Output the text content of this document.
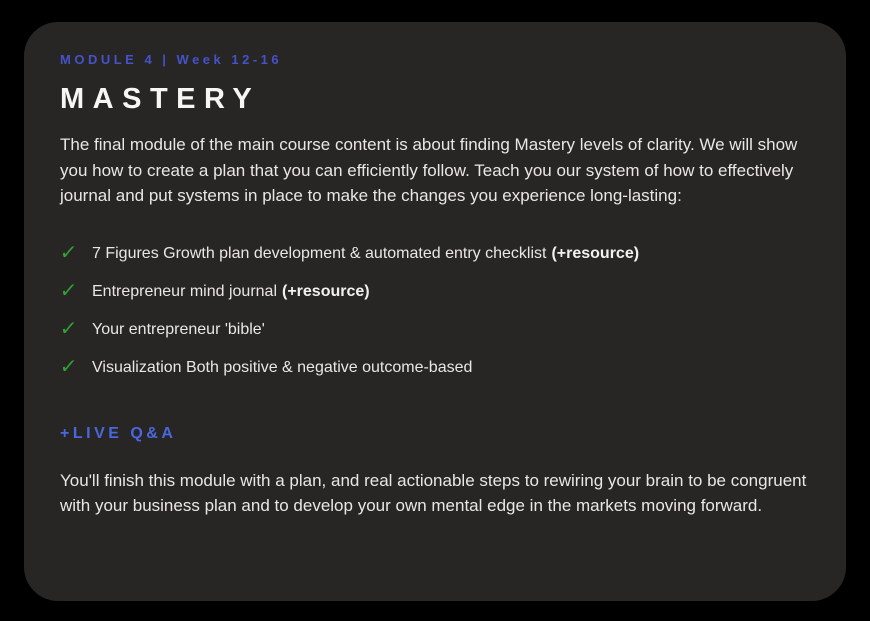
MODULE 4 | Week 12-16
MASTERY
The final module of the main course content is about finding Mastery levels of clarity. We will show you how to create a plan that you can efficiently follow. Teach you our system of how to effectively journal and put systems in place to make the changes you experience long-lasting:
✓ 7 Figures Growth plan development & automated entry checklist (+resource)
✓ Entrepreneur mind journal (+resource)
✓ Your entrepreneur 'bible'
✓ Visualization Both positive & negative outcome-based
+LIVE Q&A
You'll finish this module with a plan, and real actionable steps to rewiring your brain to be congruent with your business plan and to develop your own mental edge in the markets moving forward.
